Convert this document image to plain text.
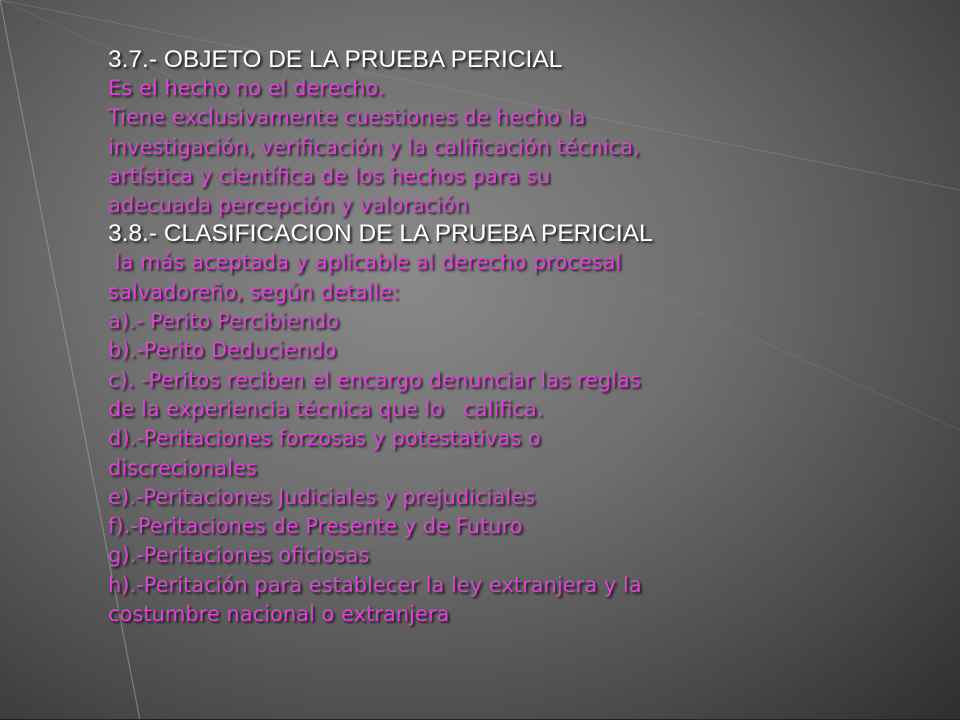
3.7.- OBJETO DE LA PRUEBA PERICIAL

Es el hecho no el derecho.

Tiene exclusivamente cuestiones de hecho la

investigación, verificación y la calificación técnica,

artística y científica de los hechos para su

adecuada percepción y valoración

3.8.- CLASIFICACION DE LA PRUEBA PERICIAL

la más aceptada y aplicable al derecho procesal

salvadoreño, según detalle:

a).- Perito Percibiendo

b).-Perito Deduciendo

c). -Peritos reciben el encargo denunciar las reglas

de la experiencia técnica que lo   califica.

d).-Peritaciones forzosas y potestativas o

discrecionales

e).-Peritaciones Judiciales y prejudiciales

f).-Peritaciones de Presente y de Futuro

g).-Peritaciones oficiosas

h).-Peritación para establecer la ley extranjera y la

costumbre nacional o extranjera
